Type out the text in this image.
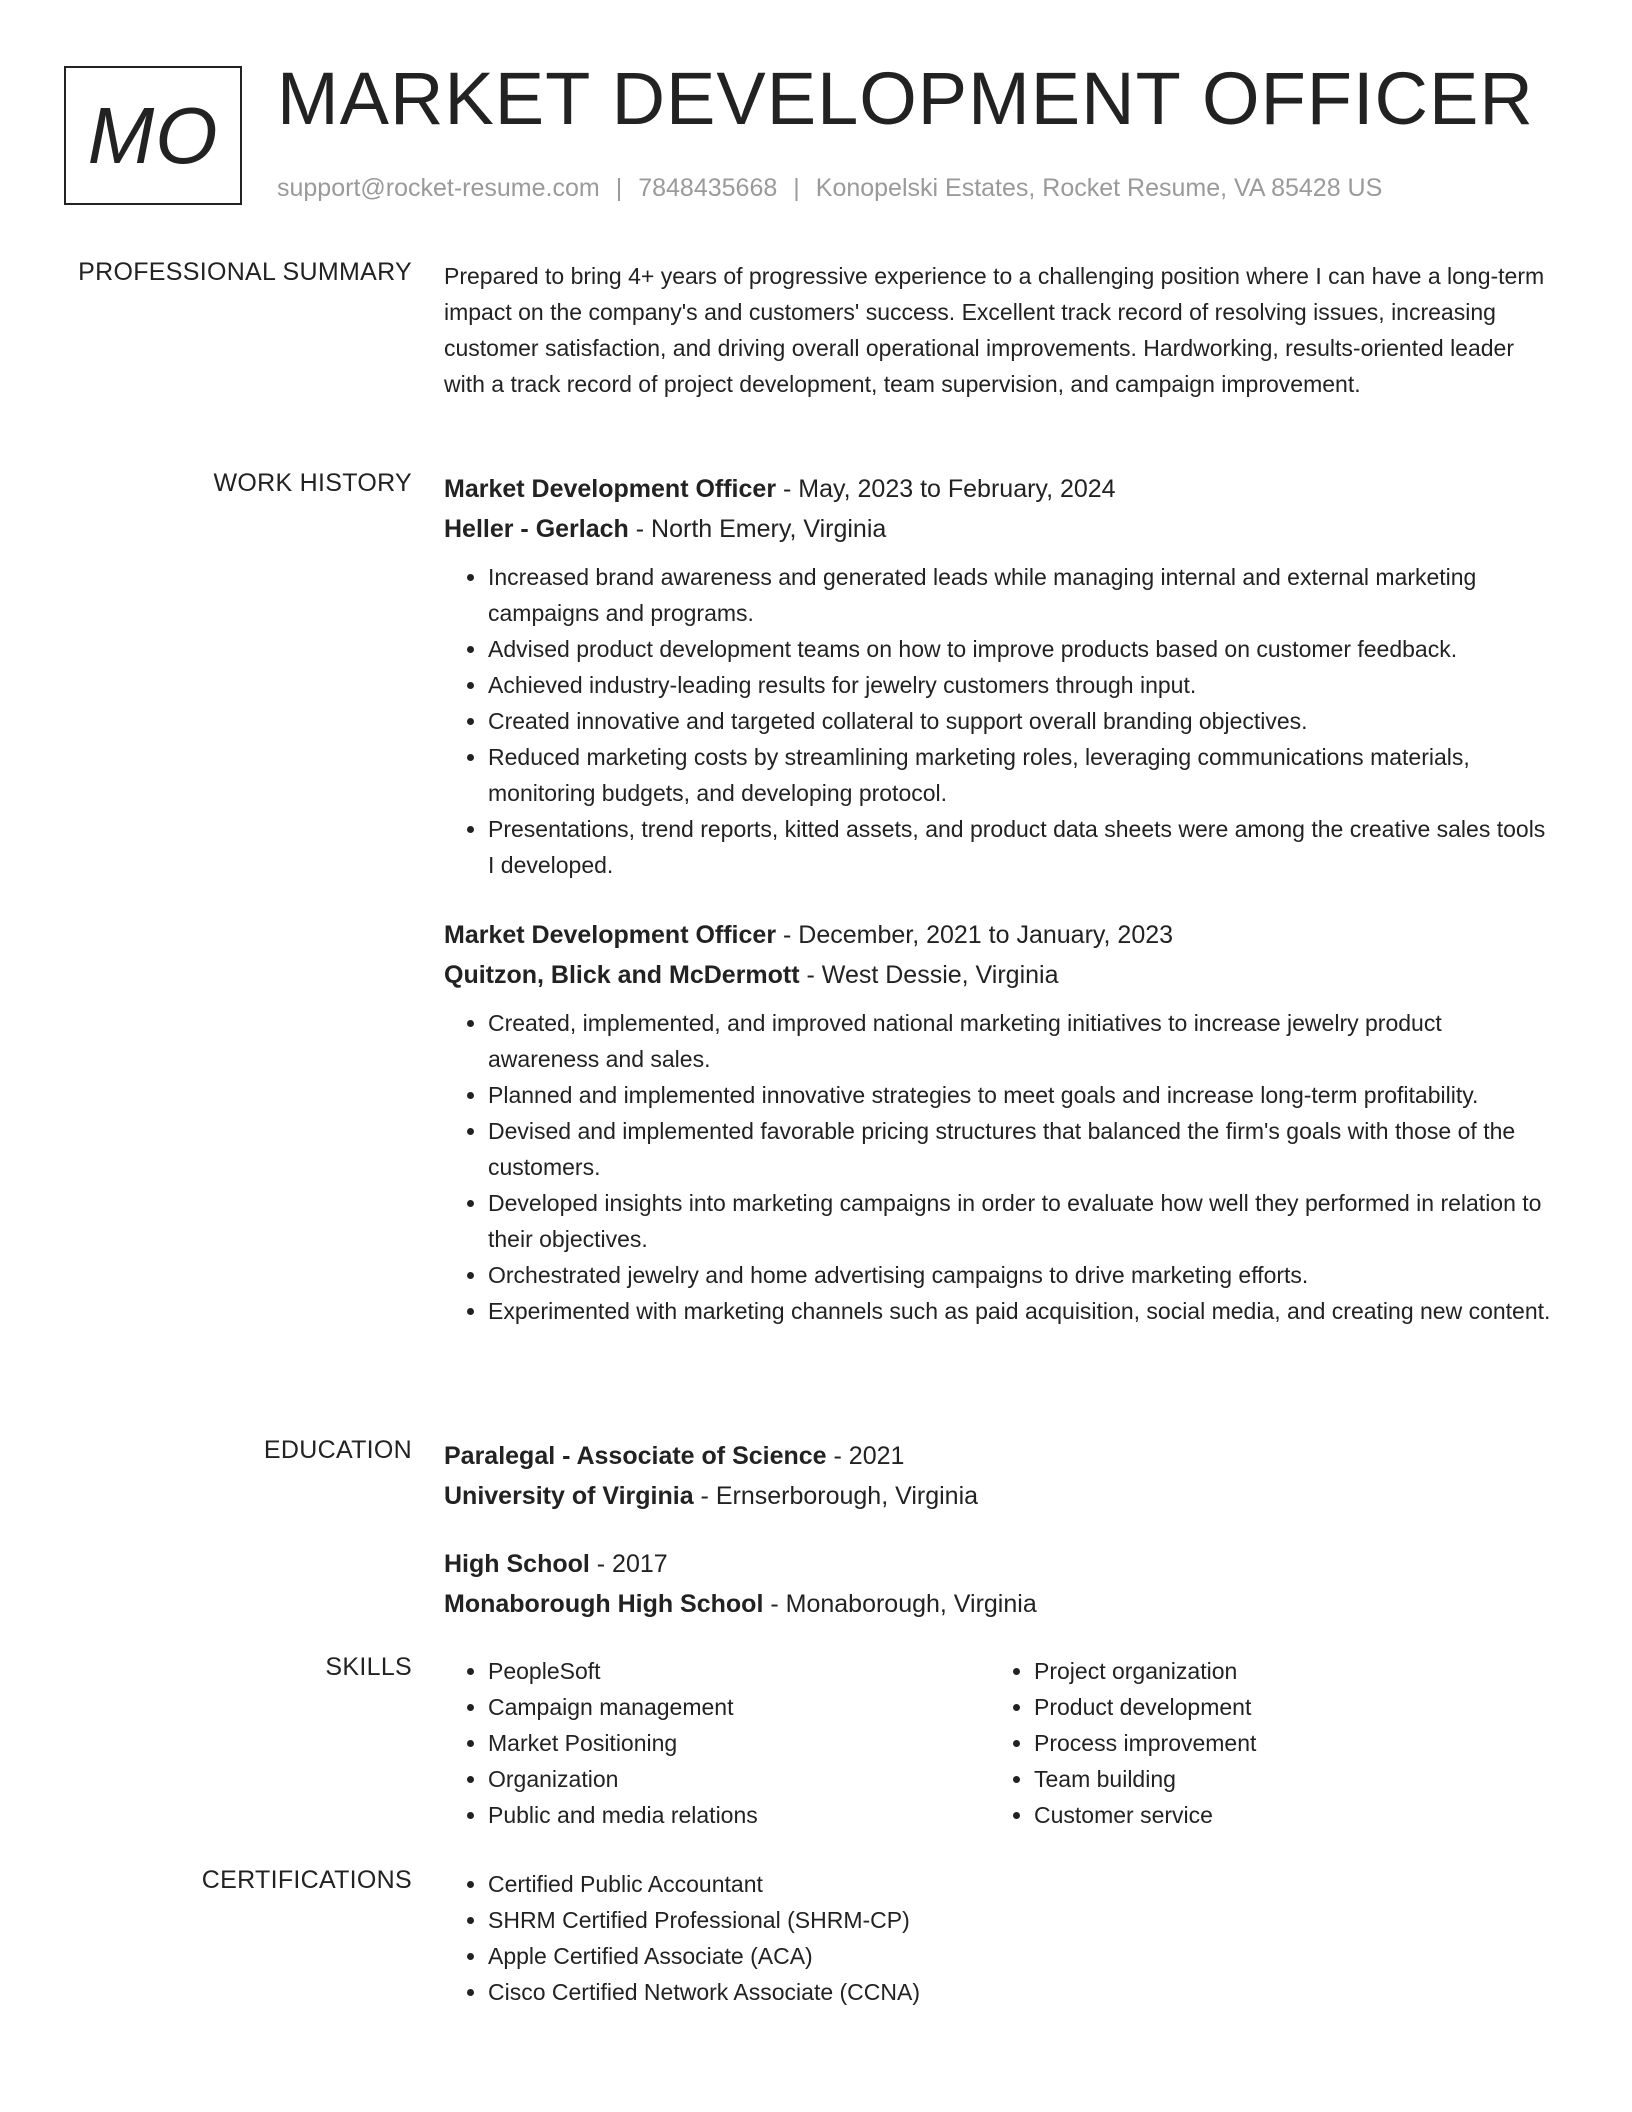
MO MARKET DEVELOPMENT OFFICER
support@rocket-resume.com | 7848435668 | Konopelski Estates, Rocket Resume, VA 85428 US
PROFESSIONAL SUMMARY Prepared to bring 4+ years of progressive experience to a challenging position where I can have a long-term impact on the company's and customers' success. Excellent track record of resolving issues, increasing customer satisfaction, and driving overall operational improvements. Hardworking, results-oriented leader with a track record of project development, team supervision, and campaign improvement.

WORK HISTORY Market Development Officer - May, 2023 to February, 2024

Heller - Gerlach - North Emery, Virginia

• Increased brand awareness and generated leads while managing internal and external marketing campaigns and programs.
• Advised product development teams on how to improve products based on customer feedback.
• Achieved industry-leading results for jewelry customers through input.
• Created innovative and targeted collateral to support overall branding objectives.
• Reduced marketing costs by streamlining marketing roles, leveraging communications materials, monitoring budgets, and developing protocol.
• Presentations, trend reports, kitted assets, and product data sheets were among the creative sales tools I developed.

Market Development Officer - December, 2021 to January, 2023

Quitzon, Blick and McDermott - West Dessie, Virginia

• Created, implemented, and improved national marketing initiatives to increase jewelry product awareness and sales.
• Planned and implemented innovative strategies to meet goals and increase long-term profitability.
• Devised and implemented favorable pricing structures that balanced the firm's goals with those of the customers.
• Developed insights into marketing campaigns in order to evaluate how well they performed in relation to their objectives.
• Orchestrated jewelry and home advertising campaigns to drive marketing efforts.
• Experimented with marketing channels such as paid acquisition, social media, and creating new content.
EDUCATION Paralegal - Associate of Science - 2021

University of Virginia - Ernserborough, Virginia

High School - 2017

Monaborough High School - Monaborough, Virginia

SKILLS	• PeopleSoft
• Campaign management
• Market Positioning
• Organization
• Public and media relations
• Project organization
• Product development
• Process improvement
• Team building
• Customer service
CERTIFICATIONS	• Certified Public Accountant
• SHRM Certified Professional (SHRM-CP)
• Apple Certified Associate (ACA)
• Cisco Certified Network Associate (CCNA)
